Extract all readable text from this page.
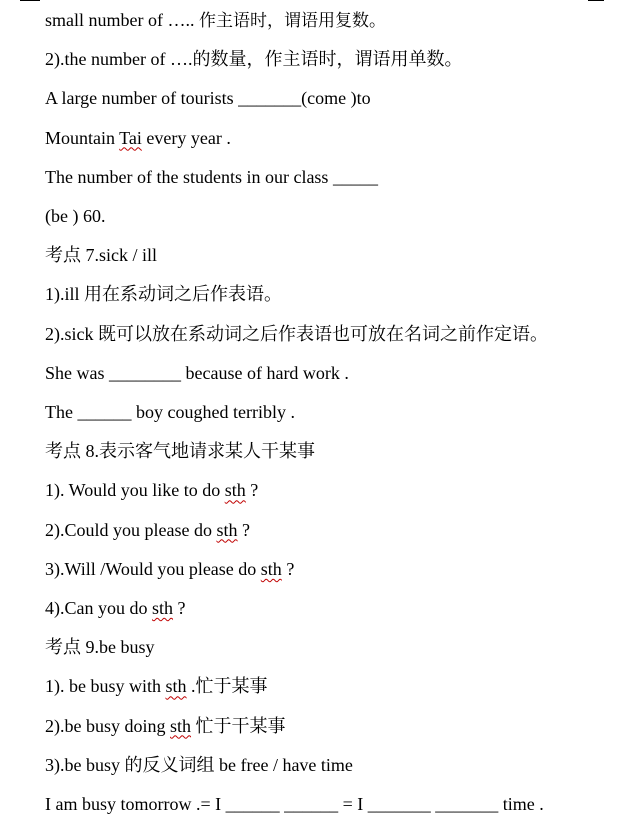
small number of ….. 作主语时，谓语用复数。
2).the number of ….的数量，作主语时，谓语用单数。
A large number of tourists _______(come )to
Mountain Tai every year .
The number of the students in our class _____
(be ) 60.
考点 7.sick / ill
1).ill 用在系动词之后作表语。
2).sick 既可以放在系动词之后作表语也可放在名词之前作定语。
She was ________ because of hard work .
The ______ boy coughed terribly .
考点 8.表示客气地请求某人干某事
1). Would you like to do sth ?
2).Could you please do sth ?
3).Will /Would you please do sth ?
4).Can you do sth ?
考点 9.be busy
1). be busy with sth .忙于某事
2).be busy doing sth 忙于干某事
3).be busy 的反义词组 be free / have time
I am busy tomorrow .= I ______ ______ = I _______ _______ time .
